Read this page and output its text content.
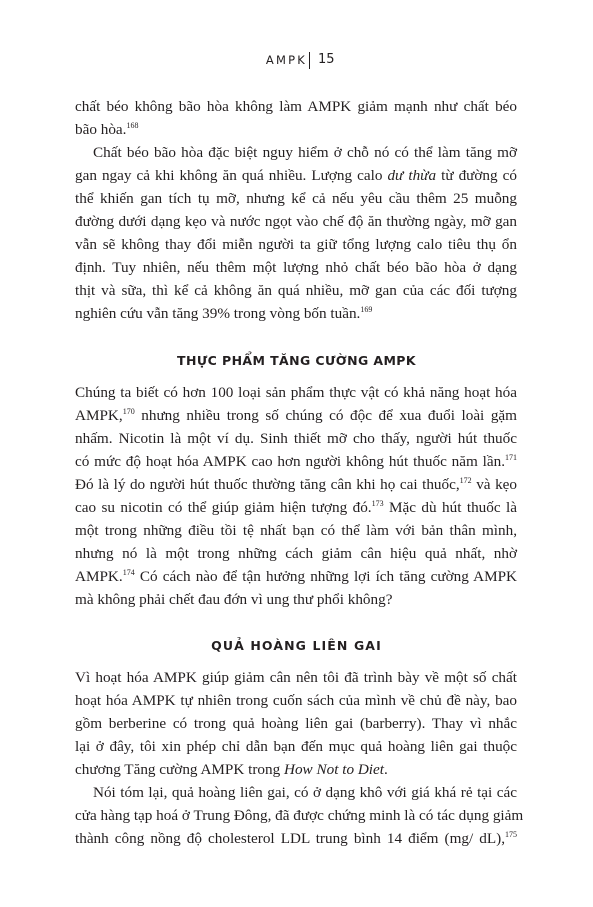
AMPK 15

chất béo không bão hòa không làm AMPK giảm mạnh như chất béo
bão hòa.$^{168}$

Chất béo bão hòa đặc biệt nguy hiểm ở chỗ nó có thể làm tăng mỡ
gan ngay cả khi không ăn quá nhiều. Lượng calo dư thừa từ đường có
thể khiến gan tích tụ mỡ, nhưng kể cả nếu yêu cầu thêm 25 muỗng
đường dưới dạng kẹo và nước ngọt vào chế độ ăn thường ngày, mỡ gan
vẫn sẽ không thay đổi miễn người ta giữ tổng lượng calo tiêu thụ ổn
định. Tuy nhiên, nếu thêm một lượng nhỏ chất béo bão hòa ở dạng
thịt và sữa, thì kể cả không ăn quá nhiều, mỡ gan của các đối tượng
nghiên cứu vẫn tăng 39% trong vòng bốn tuần.$^{169}$

THỰC PHẨM TĂNG CƯỜNG AMPK

Chúng ta biết có hơn 100 loại sản phẩm thực vật có khả năng hoạt hóa
AMPK,$^{170}$ nhưng nhiều trong số chúng có độc để xua đuổi loài gặm
nhấm. Nicotin là một ví dụ. Sinh thiết mỡ cho thấy, người hút thuốc
có mức độ hoạt hóa AMPK cao hơn người không hút thuốc năm lần.$^{171}$
Đó là lý do người hút thuốc thường tăng cân khi họ cai thuốc,$^{172}$ và kẹo
cao su nicotin có thể giúp giảm hiện tượng đó.$^{173}$ Mặc dù hút thuốc là
một trong những điều tồi tệ nhất bạn có thể làm với bản thân mình,
nhưng nó là một trong những cách giảm cân hiệu quả nhất, nhờ
AMPK.$^{174}$ Có cách nào để tận hưởng những lợi ích tăng cường AMPK
mà không phải chết đau đớn vì ung thư phổi không?

QUẢ HOÀNG LIÊN GAI

Vì hoạt hóa AMPK giúp giảm cân nên tôi đã trình bày về một số chất
hoạt hóa AMPK tự nhiên trong cuốn sách của mình về chủ đề này, bao
gồm berberine có trong quả hoàng liên gai (barberry). Thay vì nhắc
lại ở đây, tôi xin phép chỉ dẫn bạn đến mục quả hoàng liên gai thuộc
chương Tăng cường AMPK trong How Not to Diet.

Nói tóm lại, quả hoàng liên gai, có ở dạng khô với giá khá rẻ tại các
cửa hàng tạp hoá ở Trung Đông, đã được chứng minh là có tác dụng giảm
thành công nồng độ cholesterol LDL trung bình 14 điểm (mg/ dL),$^{175}$
